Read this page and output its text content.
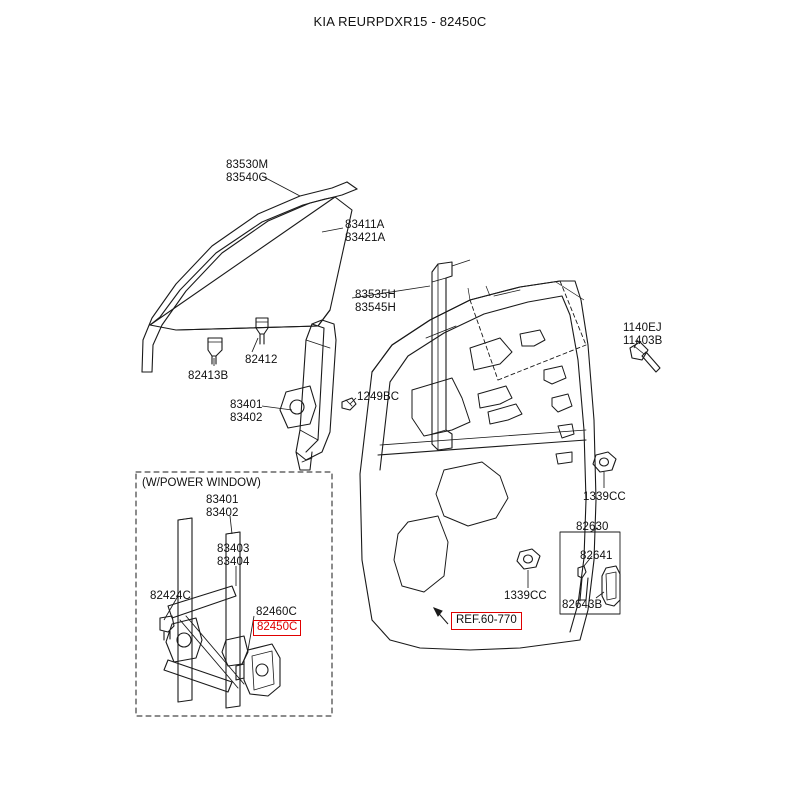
KIA REURPDXR15 - 82450C
83530M
83540G
83411A
83421A
83535H
83545H
82413B
82412
83401
83402
1249BC
1140EJ
11403B
1339CC
82630
82641
82643B
1339CC
(W/POWER WINDOW)
83401
83402
83403
83404
82424C
82460C
82450C
REF.60-770
